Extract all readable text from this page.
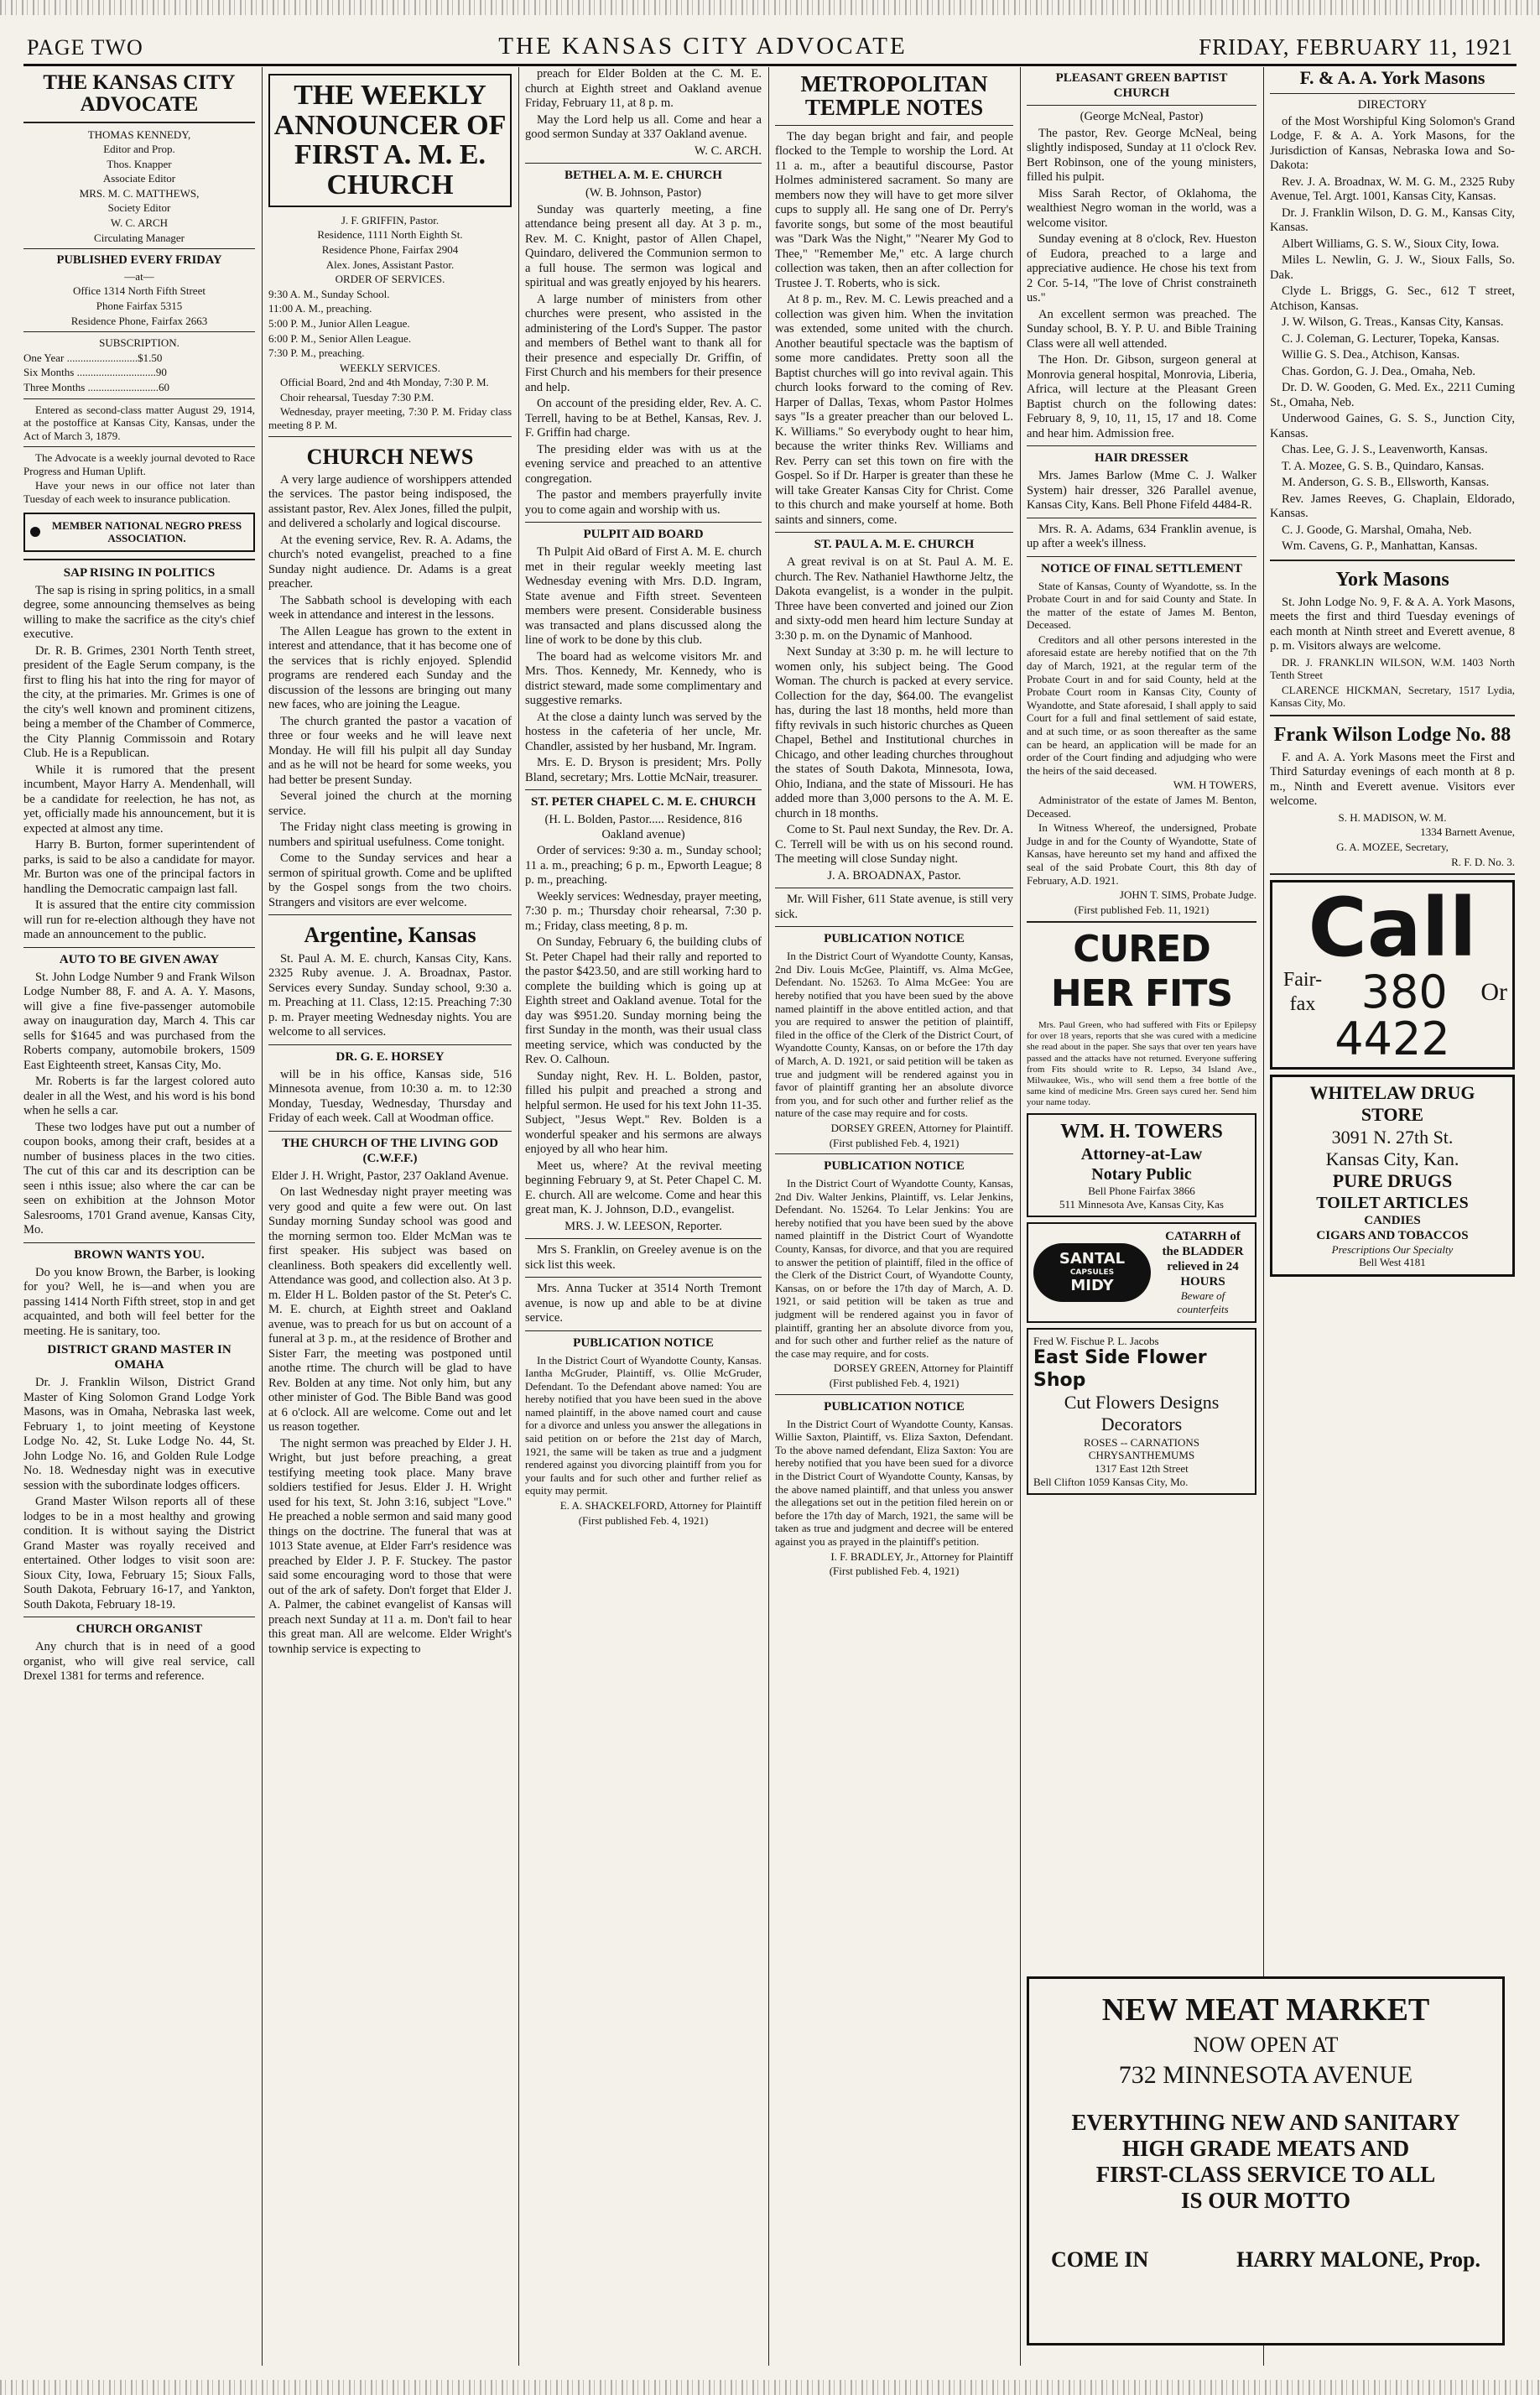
PAGE TWO	THE KANSAS CITY ADVOCATE	FRIDAY, FEBRUARY 11, 1921
THE KANSAS CITY ADVOCATE

THOMAS KENNEDY,

Editor and Prop.

Thos. Knapper

Associate Editor

MRS. M. C. MATTHEWS,

Society Editor

W. C. ARCH

Circulating Manager

PUBLISHED EVERY FRIDAY

—at—

Office 1314 North Fifth Street

Phone Fairfax 5315

Residence Phone, Fairfax 2663

SUBSCRIPTION.

One Year ..........................$1.50

Six Months .............................90

Three Months ..........................60

Entered as second-class matter August 29, 1914, at the postoffice at Kansas City, Kansas, under the Act of March 3, 1879.

The Advocate is a weekly journal devoted to Race Progress and Human Uplift.

Have your news in our office not later than Tuesday of each week to insurance publication.

MEMBER NATIONAL NEGRO PRESS ASSOCIATION.
SAP RISING IN POLITICS

The sap is rising in spring politics, in a small degree, some announcing themselves as being willing to make the sacrifice as the city's chief executive.

Dr. R. B. Grimes, 2301 North Tenth street, president of the Eagle Serum company, is the first to fling his hat into the ring for mayor of the city, at the primaries. Mr. Grimes is one of the city's well known and prominent citizens, being a member of the Chamber of Commerce, the City Plannig Commissoin and Rotary Club. He is a Republican.

While it is rumored that the present incumbent, Mayor Harry A. Mendenhall, will be a candidate for reelection, he has not, as yet, officially made his announcement, but it is expected at almost any time.

Harry B. Burton, former superintendent of parks, is said to be also a candidate for mayor. Mr. Burton was one of the principal factors in handling the Democratic campaign last fall.

It is assured that the entire city commission will run for re-election although they have not made an announcement to the public.

AUTO TO BE GIVEN AWAY

St. John Lodge Number 9 and Frank Wilson Lodge Number 88, F. and A. A. Y. Masons, will give a fine five-passenger automobile away on inauguration day, March 4. This car sells for $1645 and was purchased from the Roberts company, automobile brokers, 1509 East Eighteenth street, Kansas City, Mo.

Mr. Roberts is far the largest colored auto dealer in all the West, and his word is his bond when he sells a car.

These two lodges have put out a number of coupon books, among their craft, besides at a number of business places in the two cities. The cut of this car and its description can be seen i nthis issue; also where the car can be seen on exhibition at the Johnson Motor Salesrooms, 1701 Grand avenue, Kansas City, Mo.

BROWN WANTS YOU.

Do you know Brown, the Barber, is looking for you? Well, he is—and when you are passing 1414 North Fifth street, stop in and get acquainted, and both will feel better for the meeting. He is sanitary, too.

DISTRICT GRAND MASTER IN OMAHA

Dr. J. Franklin Wilson, District Grand Master of King Solomon Grand Lodge York Masons, was in Omaha, Nebraska last week, February 1, to joint meeting of Keystone Lodge No. 42, St. Luke Lodge No. 44, St. John Lodge No. 16, and Golden Rule Lodge No. 18. Wednesday night was in executive session with the subordinate lodges officers.

Grand Master Wilson reports all of these lodges to be in a most healthy and growing condition. It is without saying the District Grand Master was royally received and entertained. Other lodges to visit soon are: Sioux City, Iowa, February 15; Sioux Falls, South Dakota, February 16-17, and Yankton, South Dakota, February 18-19.

CHURCH ORGANIST

Any church that is in need of a good organist, who will give real service, call Drexel 1381 for terms and reference.

THE WEEKLY ANNOUNCER OF FIRST A. M. E. CHURCH

J. F. GRIFFIN, Pastor.

Residence, 1111 North Eighth St.

Residence Phone, Fairfax 2904

Alex. Jones, Assistant Pastor.

ORDER OF SERVICES.

9:30 A. M., Sunday School.

11:00 A. M., preaching.

5:00 P. M., Junior Allen League.

6:00 P. M., Senior Allen League.

7:30 P. M., preaching.

WEEKLY SERVICES.

Official Board, 2nd and 4th Monday, 7:30 P. M.

Choir rehearsal, Tuesday 7:30 P.M.

Wednesday, prayer meeting, 7:30 P. M. Friday class meeting 8 P. M.

CHURCH NEWS

A very large audience of worshippers attended the services. The pastor being indisposed, the assistant pastor, Rev. Alex Jones, filled the pulpit, and delivered a scholarly and logical discourse.

At the evening service, Rev. R. A. Adams, the church's noted evangelist, preached to a fine Sunday night audience. Dr. Adams is a great preacher.

The Sabbath school is developing with each week in attendance and interest in the lessons.

The Allen League has grown to the extent in interest and attendance, that it has become one of the services that is richly enjoyed. Splendid programs are rendered each Sunday and the discussion of the lessons are bringing out many new faces, who are joining the League.

The church granted the pastor a vacation of three or four weeks and he will leave next Monday. He will fill his pulpit all day Sunday and as he will not be heard for some weeks, you had better be present Sunday.

Several joined the church at the morning service.

The Friday night class meeting is growing in numbers and spiritual usefulness. Come tonight.

Come to the Sunday services and hear a sermon of spiritual growth. Come and be uplifted by the Gospel songs from the two choirs. Strangers and visitors are ever welcome.

Argentine, Kansas

St. Paul A. M. E. church, Kansas City, Kans. 2325 Ruby avenue. J. A. Broadnax, Pastor. Services every Sunday. Sunday school, 9:30 a. m. Preaching at 11. Class, 12:15. Preaching 7:30 p. m. Prayer meeting Wednesday nights. You are welcome to all services.

DR. G. E. HORSEY

will be in his office, Kansas side, 516 Minnesota avenue, from 10:30 a. m. to 12:30 Monday, Tuesday, Wednesday, Thursday and Friday of each week. Call at Woodman office.

THE CHURCH OF THE LIVING GOD (C.W.F.F.)

Elder J. H. Wright, Pastor, 237 Oakland Avenue.

On last Wednesday night prayer meeting was very good and quite a few were out. On last Sunday morning Sunday school was good and the morning sermon too. Elder McMan was te first speaker. His subject was based on cleanliness. Both speakers did excellently well. Attendance was good, and collection also. At 3 p. m. Elder H L. Bolden pastor of the St. Peter's C. M. E. church, at Eighth street and Oakland avenue, was to preach for us but on account of a funeral at 3 p. m., at the residence of Brother and Sister Farr, the meeting was postponed until anothe rtime. The church will be glad to have Rev. Bolden at any time. Not only him, but any other minister of God. The Bible Band was good at 6 o'clock. All are welcome. Come out and let us reason together.

The night sermon was preached by Elder J. H. Wright, but just before preaching, a great testifying meeting took place. Many brave soldiers testified for Jesus. Elder J. H. Wright used for his text, St. John 3:16, subject "Love." He preached a noble sermon and said many good things on the doctrine. The funeral that was at 1013 State avenue, at Elder Farr's residence was preached by Elder J. P. F. Stuckey. The pastor said some encouraging word to those that were out of the ark of safety. Don't forget that Elder J. A. Palmer, the cabinet evangelist of Kansas will preach next Sunday at 11 a. m. Don't fail to hear this great man. All are welcome. Elder Wright's townhip service is expecting to

preach for Elder Bolden at the C. M. E. church at Eighth street and Oakland avenue Friday, February 11, at 8 p. m.

May the Lord help us all. Come and hear a good sermon Sunday at 337 Oakland avenue.

W. C. ARCH.

BETHEL A. M. E. CHURCH

(W. B. Johnson, Pastor)

Sunday was quarterly meeting, a fine attendance being present all day. At 3 p. m., Rev. M. C. Knight, pastor of Allen Chapel, Quindaro, delivered the Communion sermon to a full house. The sermon was logical and spiritual and was greatly enjoyed by his hearers.

A large number of ministers from other churches were present, who assisted in the administering of the Lord's Supper. The pastor and members of Bethel want to thank all for their presence and especially Dr. Griffin, of First Church and his members for their presence and help.

On account of the presiding elder, Rev. A. C. Terrell, having to be at Bethel, Kansas, Rev. J. F. Griffin had charge.

The presiding elder was with us at the evening service and preached to an attentive congregation.

The pastor and members prayerfully invite you to come again and worship with us.

PULPIT AID BOARD

Th Pulpit Aid oBard of First A. M. E. church met in their regular weekly meeting last Wednesday evening with Mrs. D.D. Ingram, State avenue and Fifth street. Seventeen members were present. Considerable business was transacted and plans discussed along the line of work to be done by this club.

The board had as welcome visitors Mr. and Mrs. Thos. Kennedy, Mr. Kennedy, who is district steward, made some complimentary and suggestive remarks.

At the close a dainty lunch was served by the hostess in the cafeteria of her uncle, Mr. Chandler, assisted by her husband, Mr. Ingram.

Mrs. E. D. Bryson is president; Mrs. Polly Bland, secretary; Mrs. Lottie McNair, treasurer.

ST. PETER CHAPEL C. M. E. CHURCH

(H. L. Bolden, Pastor..... Residence, 816 Oakland avenue)

Order of services: 9:30 a. m., Sunday school; 11 a. m., preaching; 6 p. m., Epworth League; 8 p. m., preaching.

Weekly services: Wednesday, prayer meeting, 7:30 p. m.; Thursday choir rehearsal, 7:30 p. m.; Friday, class meeting, 8 p. m.

On Sunday, February 6, the building clubs of St. Peter Chapel had their rally and reported to the pastor $423.50, and are still working hard to complete the building which is going up at Eighth street and Oakland avenue. Total for the day was $951.20. Sunday morning being the first Sunday in the month, was their usual class meeting service, which was conducted by the Rev. O. Calhoun.

Sunday night, Rev. H. L. Bolden, pastor, filled his pulpit and preached a strong and helpful sermon. He used for his text John 11-35. Subject, "Jesus Wept." Rev. Bolden is a wonderful speaker and his sermons are always enjoyed by all who hear him.

Meet us, where? At the revival meeting beginning February 9, at St. Peter Chapel C. M. E. church. All are welcome. Come and hear this great man, K. J. Johnson, D.D., evangelist.

MRS. J. W. LEESON, Reporter.

Mrs S. Franklin, on Greeley avenue is on the sick list this week.

Mrs. Anna Tucker at 3514 North Tremont avenue, is now up and able to be at divine service.

PUBLICATION NOTICE

In the District Court of Wyandotte County, Kansas. Iantha McGruder, Plaintiff, vs. Ollie McGruder, Defendant. To the Defendant above named: You are hereby notified that you have been sued in the above named plaintiff, in the above named court and cause for a divorce and unless you answer the allegations in said petition on or before the 21st day of March, 1921, the same will be taken as true and a judgment rendered against you divorcing plaintiff from you for your faults and for such other and further relief as equity may permit.

E. A. SHACKELFORD, Attorney for Plaintiff

(First published Feb. 4, 1921)

METROPOLITAN TEMPLE NOTES

The day began bright and fair, and people flocked to the Temple to worship the Lord. At 11 a. m., after a beautiful discourse, Pastor Holmes administered sacrament. So many are members now they will have to get more silver cups to supply all. He sang one of Dr. Perry's favorite songs, but some of the most beautiful was "Dark Was the Night," "Nearer My God to Thee," "Remember Me," etc. A large church collection was taken, then an after collection for Trustee J. T. Roberts, who is sick.

At 8 p. m., Rev. M. C. Lewis preached and a collection was given him. When the invitation was extended, some united with the church. Another beautiful spectacle was the baptism of some more candidates. Pretty soon all the Baptist churches will go into revival again. This church looks forward to the coming of Rev. Harper of Dallas, Texas, whom Pastor Holmes says "Is a greater preacher than our beloved L. K. Williams." So everybody ought to hear him, because the writer thinks Rev. Williams and Rev. Perry can set this town on fire with the Gospel. So if Dr. Harper is greater than these he will take Greater Kansas City for Christ. Come to this church and make yourself at home. Both saints and sinners, come.

ST. PAUL A. M. E. CHURCH

A great revival is on at St. Paul A. M. E. church. The Rev. Nathaniel Hawthorne Jeltz, the Dakota evangelist, is a wonder in the pulpit. Three have been converted and joined our Zion and sixty-odd men heard him lecture Sunday at 3:30 p. m. on the Dynamic of Manhood.

Next Sunday at 3:30 p. m. he will lecture to women only, his subject being. The Good Woman. The church is packed at every service. Collection for the day, $64.00. The evangelist has, during the last 18 months, held more than fifty revivals in such historic churches as Queen Chapel, Bethel and Institutional churches in Chicago, and other leading churches throughout the states of South Dakota, Minnesota, Iowa, Ohio, Indiana, and the state of Missouri. He has added more than 3,000 persons to the A. M. E. church in 18 months.

Come to St. Paul next Sunday, the Rev. Dr. A. C. Terrell will be with us on his second round. The meeting will close Sunday night.

J. A. BROADNAX, Pastor.

Mr. Will Fisher, 611 State avenue, is still very sick.

PUBLICATION NOTICE

In the District Court of Wyandotte County, Kansas, 2nd Div. Louis McGee, Plaintiff, vs. Alma McGee, Defendant. No. 15263. To Alma McGee: You are hereby notified that you have been sued by the above named plaintiff in the above entitled action, and that you are required to answer the petition of plaintiff, filed in the office of the Clerk of the District Court, of Wyandotte County, Kansas, on or before the 17th day of March, A. D. 1921, or said petition will be taken as true and judgment will be rendered against you in favor of plaintiff granting her an absolute divorce from you, and for such other and further relief as the nature of the case may require and for costs.

DORSEY GREEN, Attorney for Plaintiff.

(First published Feb. 4, 1921)

PUBLICATION NOTICE

In the District Court of Wyandotte County, Kansas, 2nd Div. Walter Jenkins, Plaintiff, vs. Lelar Jenkins, Defendant. No. 15264. To Lelar Jenkins: You are hereby notified that you have been sued by the above named plaintiff in the District Court of Wyandotte County, Kansas, for divorce, and that you are required to answer the petition of plaintiff, filed in the office of the Clerk of the District Court, of Wyandotte County, Kansas, on or before the 17th day of March, A. D. 1921, or said petition will be taken as true and judgment will be rendered against you in favor of plaintiff, granting her an absolute divorce from you, and for such other and further relief as the nature of the case may require, and for costs.

DORSEY GREEN, Attorney for Plaintiff

(First published Feb. 4, 1921)

PUBLICATION NOTICE

In the District Court of Wyandotte County, Kansas. Willie Saxton, Plaintiff, vs. Eliza Saxton, Defendant. To the above named defendant, Eliza Saxton: You are hereby notified that you have been sued for a divorce in the District Court of Wyandotte County, Kansas, by the above named plaintiff, and that unless you answer the allegations set out in the petition filed herein on or before the 17th day of March, 1921, the same will be taken as true and judgment and decree will be entered against you as prayed in the plaintiff's petition.

I. F. BRADLEY, Jr., Attorney for Plaintiff

(First published Feb. 4, 1921)

PLEASANT GREEN BAPTIST CHURCH

(George McNeal, Pastor)

The pastor, Rev. George McNeal, being slightly indisposed, Sunday at 11 o'clock Rev. Bert Robinson, one of the young ministers, filled his pulpit.

Miss Sarah Rector, of Oklahoma, the wealthiest Negro woman in the world, was a welcome visitor.

Sunday evening at 8 o'clock, Rev. Hueston of Eudora, preached to a large and appreciative audience. He chose his text from 2 Cor. 5-14, "The love of Christ constraineth us."

An excellent sermon was preached. The Sunday school, B. Y. P. U. and Bible Training Class were all well attended.

The Hon. Dr. Gibson, surgeon general at Monrovia general hospital, Monrovia, Liberia, Africa, will lecture at the Pleasant Green Baptist church on the following dates: February 8, 9, 10, 11, 15, 17 and 18. Come and hear him. Admission free.

HAIR DRESSER

Mrs. James Barlow (Mme C. J. Walker System) hair dresser, 326 Parallel avenue, Kansas City, Kans. Bell Phone Fifeld 4484-R.

Mrs. R. A. Adams, 634 Franklin avenue, is up after a week's illness.

NOTICE OF FINAL SETTLEMENT

State of Kansas, County of Wyandotte, ss. In the Probate Court in and for said County and State. In the matter of the estate of James M. Benton, Deceased.

Creditors and all other persons interested in the aforesaid estate are hereby notified that on the 7th day of March, 1921, at the regular term of the Probate Court in and for said County, held at the Probate Court room in Kansas City, County of Wyandotte, and State aforesaid, I shall apply to said Court for a full and final settlement of said estate, and at such time, or as soon thereafter as the same can be heard, an application will be made for an order of the Court finding and adjudging who were the heirs of the said deceased.

WM. H TOWERS,

Administrator of the estate of James M. Benton, Deceased.

In Witness Whereof, the undersigned, Probate Judge in and for the County of Wyandotte, State of Kansas, have hereunto set my hand and affixed the seal of the said Probate Court, this 8th day of February, A.D. 1921.

JOHN T. SIMS, Probate Judge.

(First published Feb. 11, 1921)

CURED HER FITS

Mrs. Paul Green, who had suffered with Fits or Epilepsy for over 18 years, reports that she was cured with a medicine she read about in the paper. She says that over ten years have passed and the attacks have not returned. Everyone suffering from Fits should write to R. Lepso, 34 Island Ave., Milwaukee, Wis., who will send them a free bottle of the same kind of medicine Mrs. Green says cured her. Send him your name today.

WM. H. TOWERS
Attorney-at-Law
Notary Public
Bell Phone Fairfax 3866
511 Minnesota Ave, Kansas City, Kas
SANTAL
CAPSULES
MIDY
CATARRH of the BLADDER relieved in 24 HOURS
Beware of counterfeits
Fred W. Fischue P. L. Jacobs
East Side Flower Shop
Cut Flowers Designs
Decorators
ROSES -- CARNATIONS
CHRYSANTHEMUMS
1317 East 12th Street
Bell Clifton 1059 Kansas City, Mo.
F. & A. A. York Masons

DIRECTORY

of the Most Worshipful King Solomon's Grand Lodge, F. & A. A. York Masons, for the Jurisdiction of Kansas, Nebraska Iowa and So-Dakota:

Rev. J. A. Broadnax, W. M. G. M., 2325 Ruby Avenue, Tel. Argt. 1001, Kansas City, Kansas.

Dr. J. Franklin Wilson, D. G. M., Kansas City, Kansas.

Albert Williams, G. S. W., Sioux City, Iowa.

Miles L. Newlin, G. J. W., Sioux Falls, So. Dak.

Clyde L. Briggs, G. Sec., 612 T street, Atchison, Kansas.

J. W. Wilson, G. Treas., Kansas City, Kansas.

C. J. Coleman, G. Lecturer, Topeka, Kansas.

Willie G. S. Dea., Atchison, Kansas.

Chas. Gordon, G. J. Dea., Omaha, Neb.

Dr. D. W. Gooden, G. Med. Ex., 2211 Cuming St., Omaha, Neb.

Underwood Gaines, G. S. S., Junction City, Kansas.

Chas. Lee, G. J. S., Leavenworth, Kansas.

T. A. Mozee, G. S. B., Quindaro, Kansas.

M. Anderson, G. S. B., Ellsworth, Kansas.

Rev. James Reeves, G. Chaplain, Eldorado, Kansas.

C. J. Goode, G. Marshal, Omaha, Neb.

Wm. Cavens, G. P., Manhattan, Kansas.

York Masons

St. John Lodge No. 9, F. & A. A. York Masons, meets the first and third Tuesday evenings of each month at Ninth street and Everett avenue, 8 p. m. Visitors always are welcome.

DR. J. FRANKLIN WILSON, W.M. 1403 North Tenth Street

CLARENCE HICKMAN, Secretary, 1517 Lydia, Kansas City, Mo.

Frank Wilson Lodge No. 88

F. and A. A. York Masons meet the First and Third Saturday evenings of each month at 8 p. m., Ninth and Everett avenue. Visitors ever welcome.

S. H. MADISON, W. M.

1334 Barnett Avenue,

G. A. MOZEE, Secretary,

R. F. D. No. 3.

Call
Fair-fax 380 Or
4422
WHITELAW DRUG STORE
3091 N. 27th St.
Kansas City, Kan.
PURE DRUGS
TOILET ARTICLES
CANDIES
CIGARS AND TOBACCOS
Prescriptions Our Specialty
Bell West 4181
NEW MEAT MARKET
NOW OPEN AT
732 MINNESOTA AVENUE
EVERYTHING NEW AND SANITARY
HIGH GRADE MEATS AND
FIRST-CLASS SERVICE TO ALL
IS OUR MOTTO
COME IN	HARRY MALONE, Prop.
